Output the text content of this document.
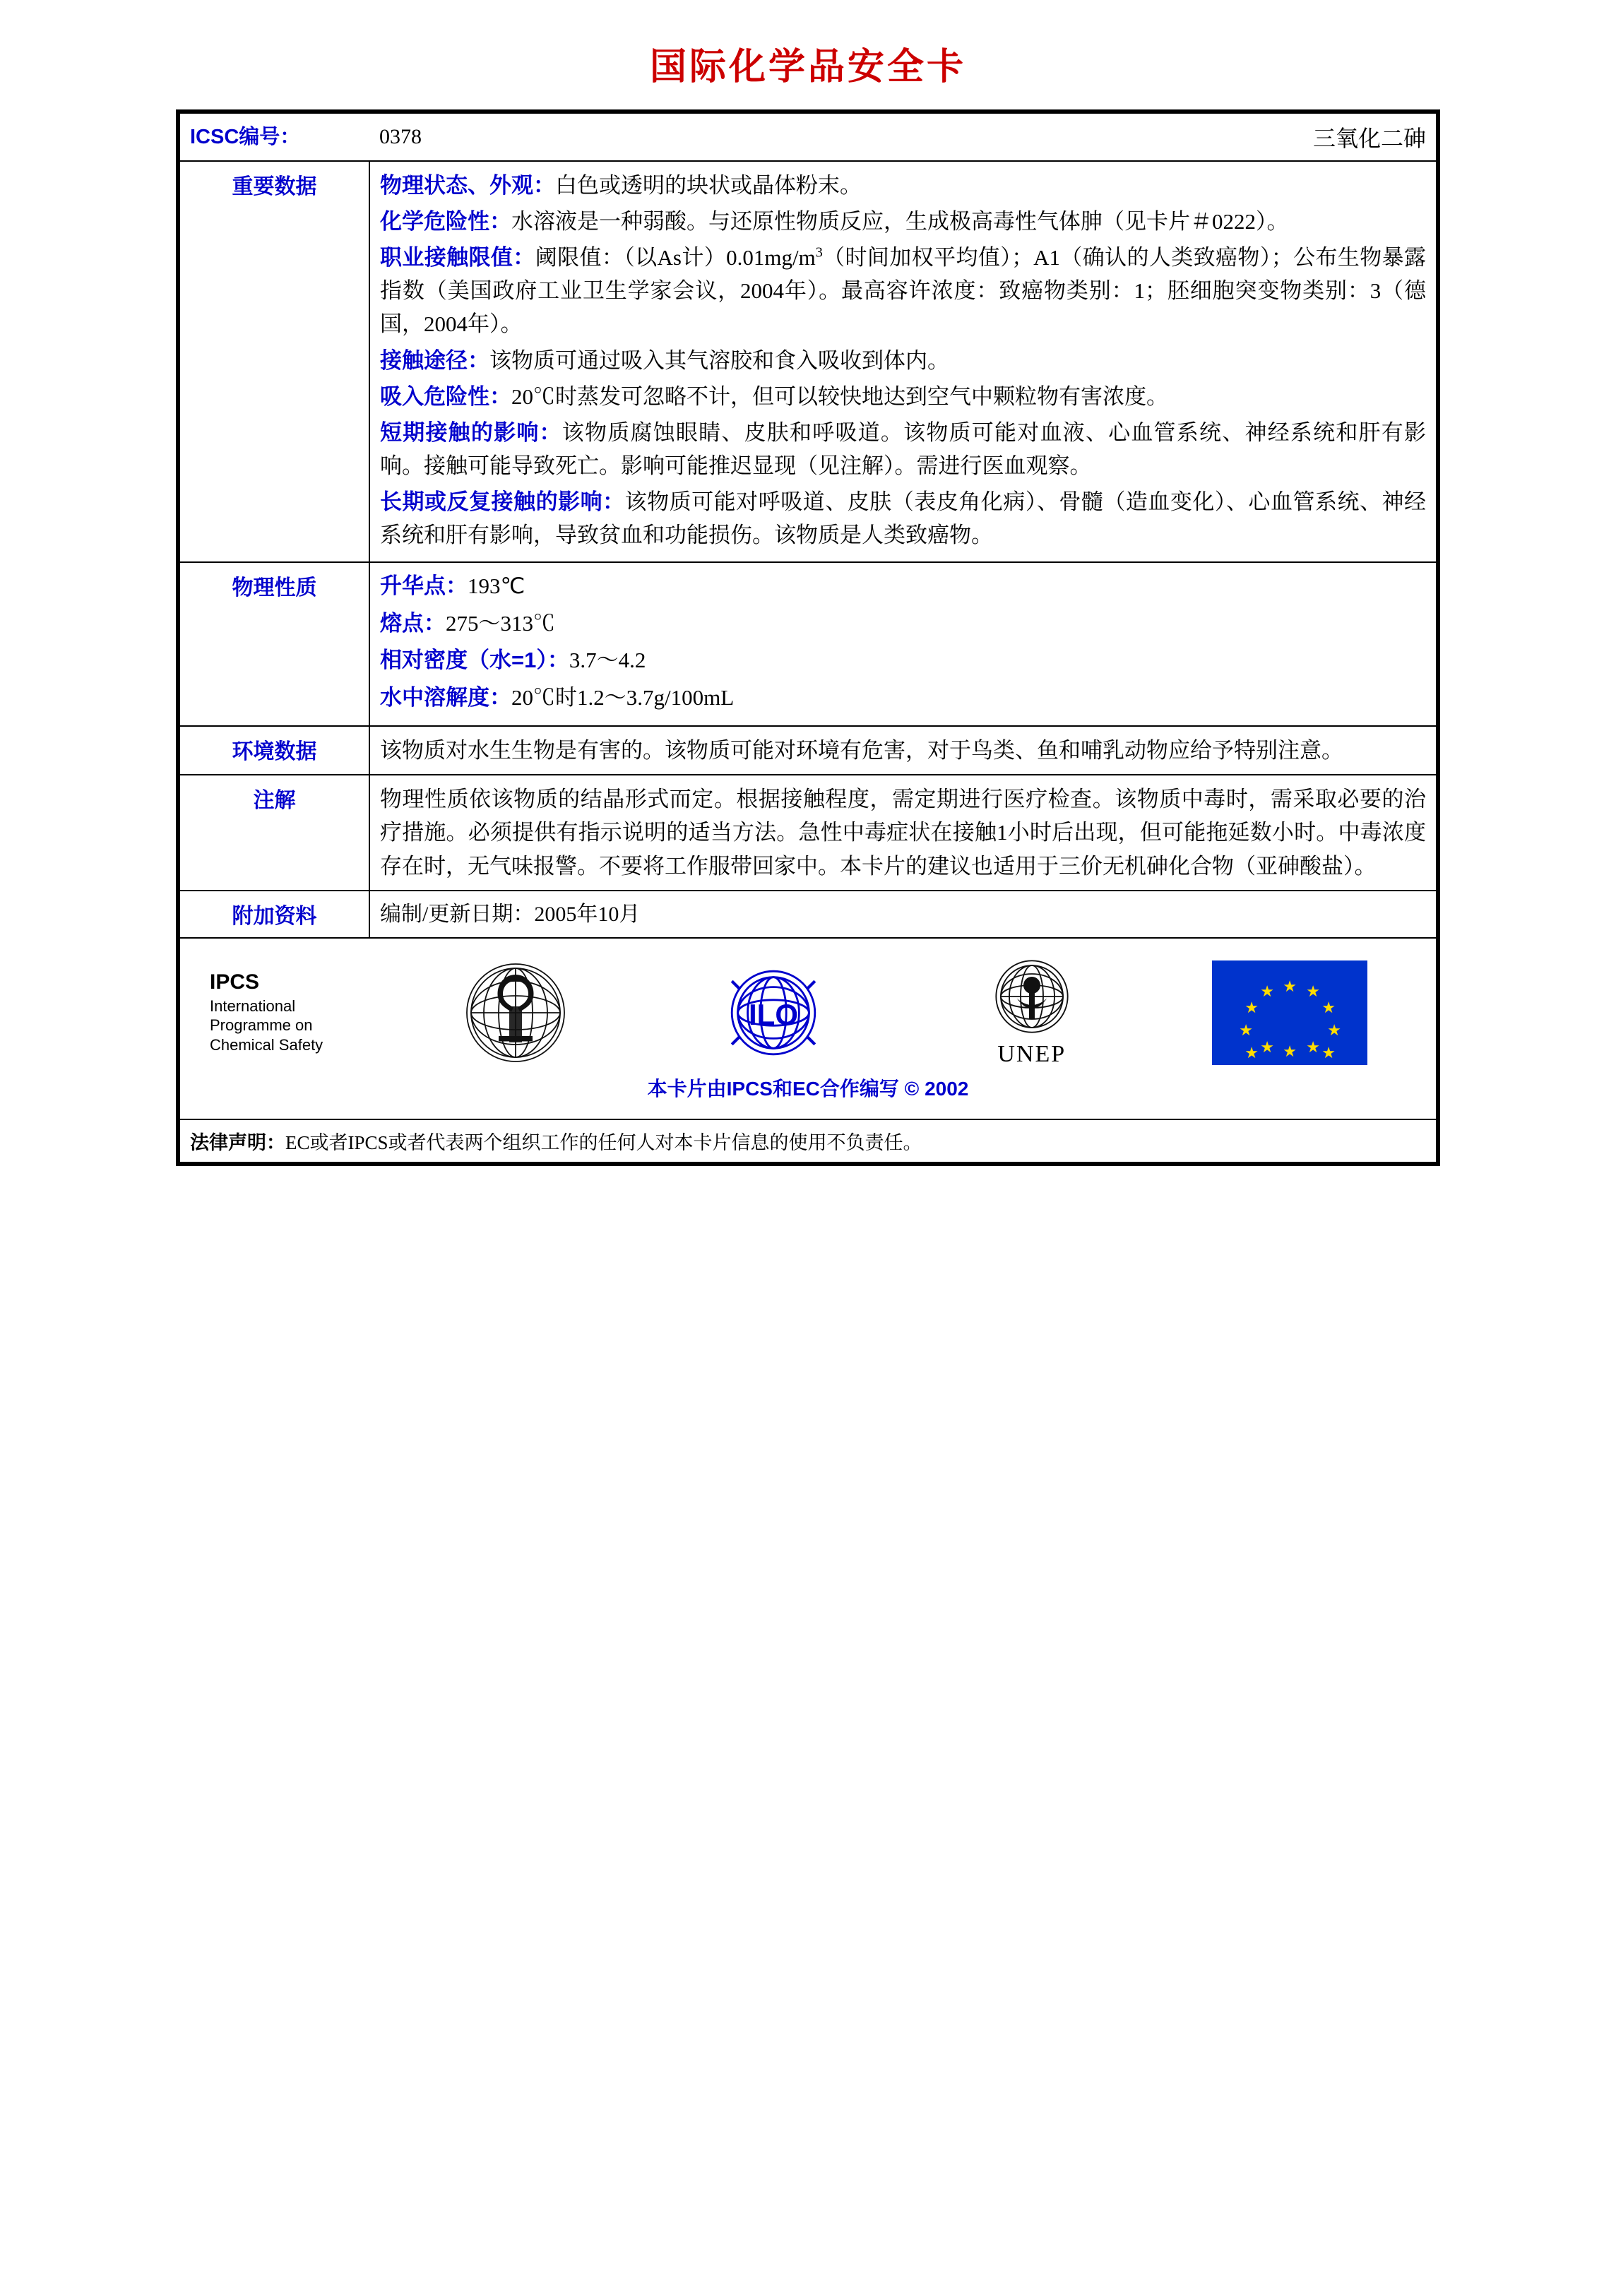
国际化学品安全卡
ICSC编号：	0378 三氧化二砷

重要数据	物理状态、外观：白色或透明的块状或晶体粉末。

化学危险性：水溶液是一种弱酸。与还原性物质反应，生成极高毒性气体胂（见卡片＃0222）。

职业接触限值：阈限值：（以As计）$0.01mg/m^3$（时间加权平均值）；A1（确认的人类致癌物）；公布生物暴露指数（美国政府工业卫生学家会议，2004年）。最高容许浓度：致癌物类别：1；胚细胞突变物类别：3（德国，2004年）。

接触途径：该物质可通过吸入其气溶胶和食入吸收到体内。

吸入危险性：20℃时蒸发可忽略不计，但可以较快地达到空气中颗粒物有害浓度。

短期接触的影响：该物质腐蚀眼睛、皮肤和呼吸道。该物质可能对血液、心血管系统、神经系统和肝有影响。接触可能导致死亡。影响可能推迟显现（见注解）。需进行医血观察。

长期或反复接触的影响：该物质可能对呼吸道、皮肤（表皮角化病）、骨髓（造血变化）、心血管系统、神经系统和肝有影响，导致贫血和功能损伤。该物质是人类致癌物。

物理性质	升华点：193℃

熔点：275～313℃

相对密度（水=1）：3.7～4.2

水中溶解度：20℃时1.2～3.7g/100mL

环境数据	该物质对水生生物是有害的。该物质可能对环境有危害，对于鸟类、鱼和哺乳动物应给予特别注意。
注解	物理性质依该物质的结晶形式而定。根据接触程度，需定期进行医疗检查。该物质中毒时，需采取必要的治疗措施。必须提供有指示说明的适当方法。急性中毒症状在接触1小时后出现，但可能拖延数小时。中毒浓度存在时，无气味报警。不要将工作服带回家中。本卡片的建议也适用于三价无机砷化合物（亚砷酸盐）。
附加资料	编制/更新日期：2005年10月

IPCS
International
Programme on
Chemical Safety
ILO
UNEP
★ ★
★
★
★
★
★
★
★
★
★
★
本卡片由IPCS和EC合作编写 © 2002

法律声明：EC或者IPCS或者代表两个组织工作的任何人对本卡片信息的使用不负责任。	
